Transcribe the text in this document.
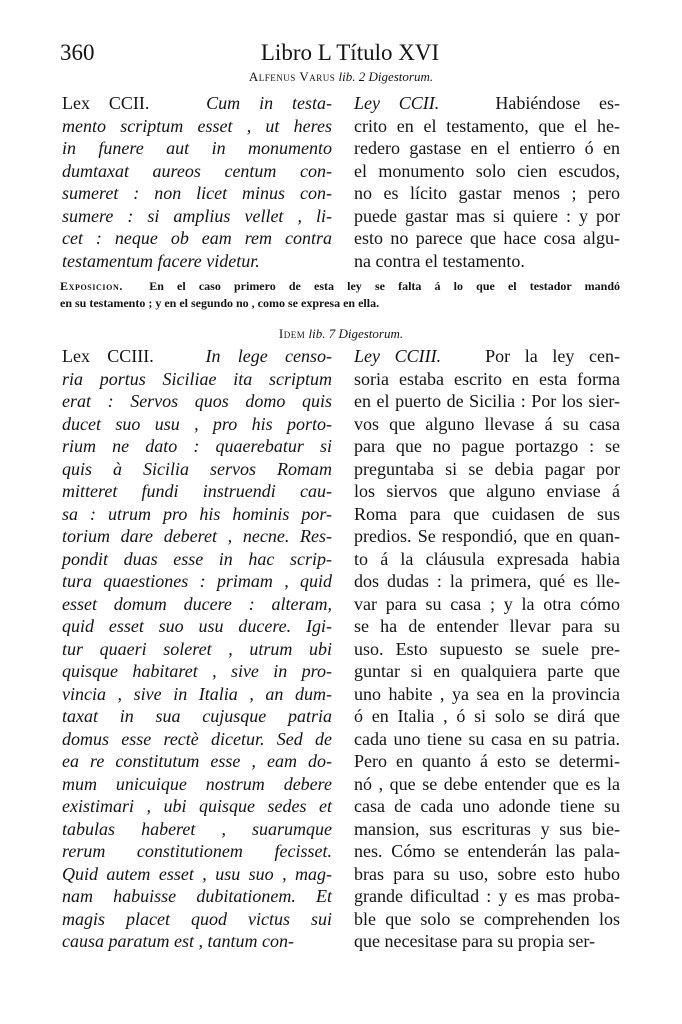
360	Libro L Título XVI
Alfenus Varus lib. 2 Digestorum.
Lex CCII.	Cum in testa-
mento scriptum esset , ut heres
in funere aut in monumento
dumtaxat aureos centum con-
sumeret : non licet minus con-
sumere : si amplius vellet , li-
cet : neque ob eam rem contra
testamentum facere videtur.
Ley CCII.	Habiéndose es-
crito en el testamento, que el he-
redero gastase en el entierro ó en
el monumento solo cien escudos,
no es lícito gastar menos ; pero
puede gastar mas si quiere : y por
esto no parece que hace cosa algu-
na contra el testamento.
Exposicion. En el caso primero de esta ley se falta á lo que el testador mandó
en su testamento ; y en el segundo no , como se expresa en ella.
Idem lib. 7 Digestorum.
Lex CCIII.	In lege censo-
ria portus Siciliae ita scriptum
erat : Servos quos domo quis
ducet suo usu , pro his porto-
rium ne dato : quaerebatur si
quis à Sicilia servos Romam
mitteret fundi instruendi cau-
sa : utrum pro his hominis por-
torium dare deberet , necne. Res-
pondit duas esse in hac scrip-
tura quaestiones : primam , quid
esset domum ducere : alteram,
quid esset suo usu ducere. Igi-
tur quaeri soleret , utrum ubi
quisque habitaret , sive in pro-
vincia , sive in Italia , an dum-
taxat in sua cujusque patria
domus esse rectè dicetur. Sed de
ea re constitutum esse , eam do-
mum unicuique nostrum debere
existimari , ubi quisque sedes et
tabulas haberet , suarumque
rerum constitutionem fecisset.
Quid autem esset , usu suo , mag-
nam habuisse dubitationem. Et
magis placet quod victus sui
causa paratum est , tantum con-
Ley CCIII. Por la ley cen-
soria estaba escrito en esta forma
en el puerto de Sicilia : Por los sier-
vos que alguno llevase á su casa
para que no pague portazgo : se
preguntaba si se debia pagar por
los siervos que alguno enviase á
Roma para que cuidasen de sus
predios. Se respondió, que en quan-
to á la cláusula expresada habia
dos dudas : la primera, qué es lle-
var para su casa ; y la otra cómo
se ha de entender llevar para su
uso. Esto supuesto se suele pre-
guntar si en qualquiera parte que
uno habite , ya sea en la provincia
ó en Italia , ó si solo se dirá que
cada uno tiene su casa en su patria.
Pero en quanto á esto se determi-
nó , que se debe entender que es la
casa de cada uno adonde tiene su
mansion, sus escrituras y sus bie-
nes. Cómo se entenderán las pala-
bras para su uso, sobre esto hubo
grande dificultad : y es mas proba-
ble que solo se comprehenden los
que necesitase para su propia ser-
